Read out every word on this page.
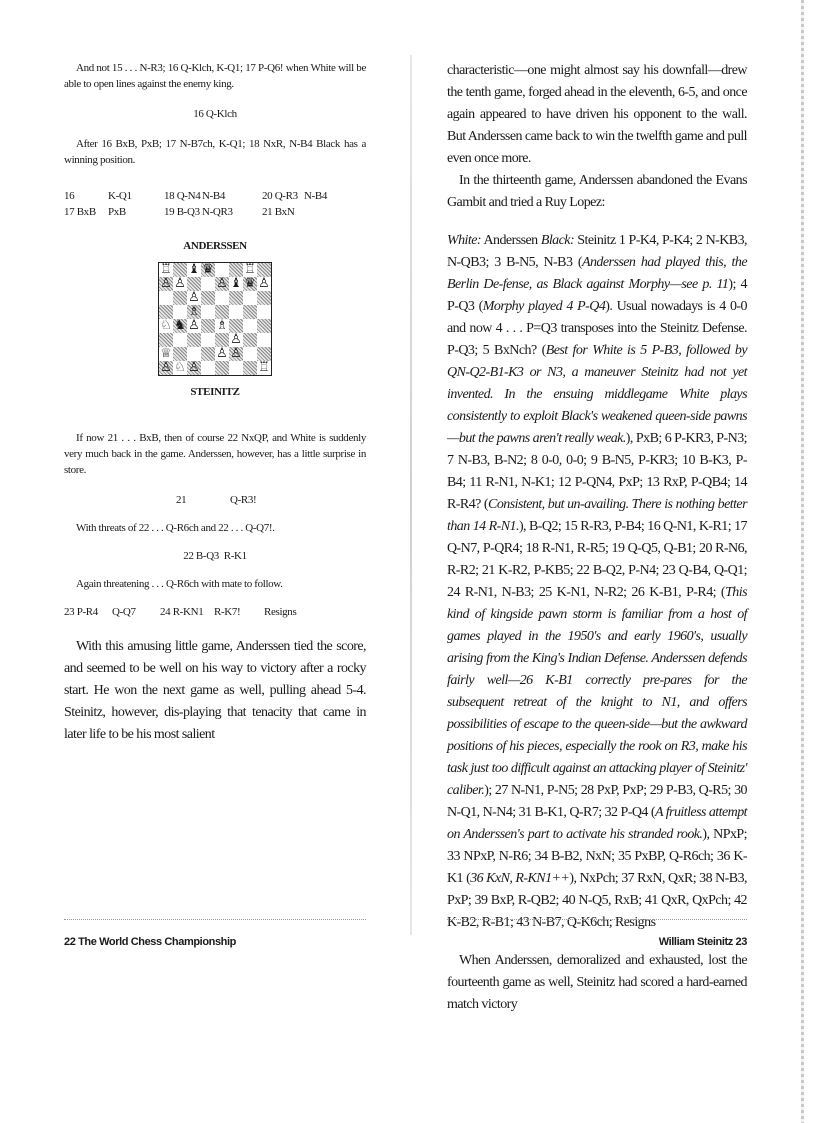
And not 15 . . . N-R3; 16 Q-Klch, K-Q1; 17 P-Q6! when White will be able to open lines against the enemy king.

16 Q-Klch

After 16 BxB, PxB; 17 N-B7ch, K-Q1; 18 NxR, N-B4 Black has a winning position.

16	K-Q1	18 Q-N4 N-B4	20 Q-R3 N-B4
17 BxB PxB	19 B-Q3 N-QR3	21 BxN

ANDERSSEN

♖ ♝ ♛ ♖
♙ ♙ ♙ ♝ ♛ ♙
♙
♗
♘ ♞ ♙ ♗
♙
♕	♙ ♙
♙ ♘ ♙	♖

STEINITZ

If now 21 . . . BxB, then of course 22 NxQP, and White is suddenly very much back in the game. Anderssen, however, has a little surprise in store.

21	Q-R3!

With threats of 22 . . . Q-R6ch and 22 . . . Q-Q7!.

22 B-Q3  R-K1

Again threatening . . . Q-R6ch with mate to follow.

23 P-R4 Q-Q7 24 R-KN1 R-K7! Resigns

With this amusing little game, Anderssen tied the score, and seemed to be well on his way to victory after a rocky start. He won the next game as well, pulling ahead 5-4. Steinitz, however, dis-playing that tenacity that came in later life to be his most salient

characteristic—one might almost say his downfall—drew the tenth game, forged ahead in the eleventh, 6-5, and once again appeared to have driven his opponent to the wall. But Anderssen came back to win the twelfth game and pull even once more.

In the thirteenth game, Anderssen abandoned the Evans Gambit and tried a Ruy Lopez:

White: Anderssen Black: Steinitz 1 P-K4, P-K4; 2 N-KB3, N-QB3; 3 B-N5, N-B3 (Anderssen had played this, the Berlin De-fense, as Black against Morphy—see p. 11); 4 P-Q3 (Morphy played 4 P-Q4). Usual nowadays is 4 0-0 and now 4 . . . P=Q3 transposes into the Steinitz Defense. P-Q3; 5 BxNch? (Best for White is 5 P-B3, followed by QN-Q2-B1-K3 or N3, a maneuver Steinitz had not yet invented. In the ensuing middlegame White plays consistently to exploit Black's weakened queen-side pawns—but the pawns aren't really weak.), PxB; 6 P-KR3, P-N3; 7 N-B3, B-N2; 8 0-0, 0-0; 9 B-N5, P-KR3; 10 B-K3, P-B4; 11 R-N1, N-K1; 12 P-QN4, PxP; 13 RxP, P-QB4; 14 R-R4? (Consistent, but un-availing. There is nothing better than 14 R-N1.), B-Q2; 15 R-R3, P-B4; 16 Q-N1, K-R1; 17 Q-N7, P-QR4; 18 R-N1, R-R5; 19 Q-Q5, Q-B1; 20 R-N6, R-R2; 21 K-R2, P-KB5; 22 B-Q2, P-N4; 23 Q-B4, Q-Q1; 24 R-N1, N-B3; 25 K-N1, N-R2; 26 K-B1, P-R4; (This kind of kingside pawn storm is familiar from a host of games played in the 1950's and early 1960's, usually arising from the King's Indian Defense. Anderssen defends fairly well—26 K-B1 correctly pre-pares for the subsequent retreat of the knight to N1, and offers possibilities of escape to the queen-side—but the awkward positions of his pieces, especially the rook on R3, make his task just too difficult against an attacking player of Steinitz' caliber.); 27 N-N1, P-N5; 28 PxP, PxP; 29 P-B3, Q-R5; 30 N-Q1, N-N4; 31 B-K1, Q-R7; 32 P-Q4 (A fruitless attempt on Anderssen's part to activate his stranded rook.), NPxP; 33 NPxP, N-R6; 34 B-B2, NxN; 35 PxBP, Q-R6ch; 36 K-K1 (36 KxN, R-KN1++), NxPch; 37 RxN, QxR; 38 N-B3, PxP; 39 BxP, R-QB2; 40 N-Q5, RxB; 41 QxR, QxPch; 42 K-B2, R-B1; 43 N-B7, Q-K6ch; Resigns

When Anderssen, demoralized and exhausted, lost the fourteenth game as well, Steinitz had scored a hard-earned match victory

22 The World Chess Championship	William Steinitz 23
